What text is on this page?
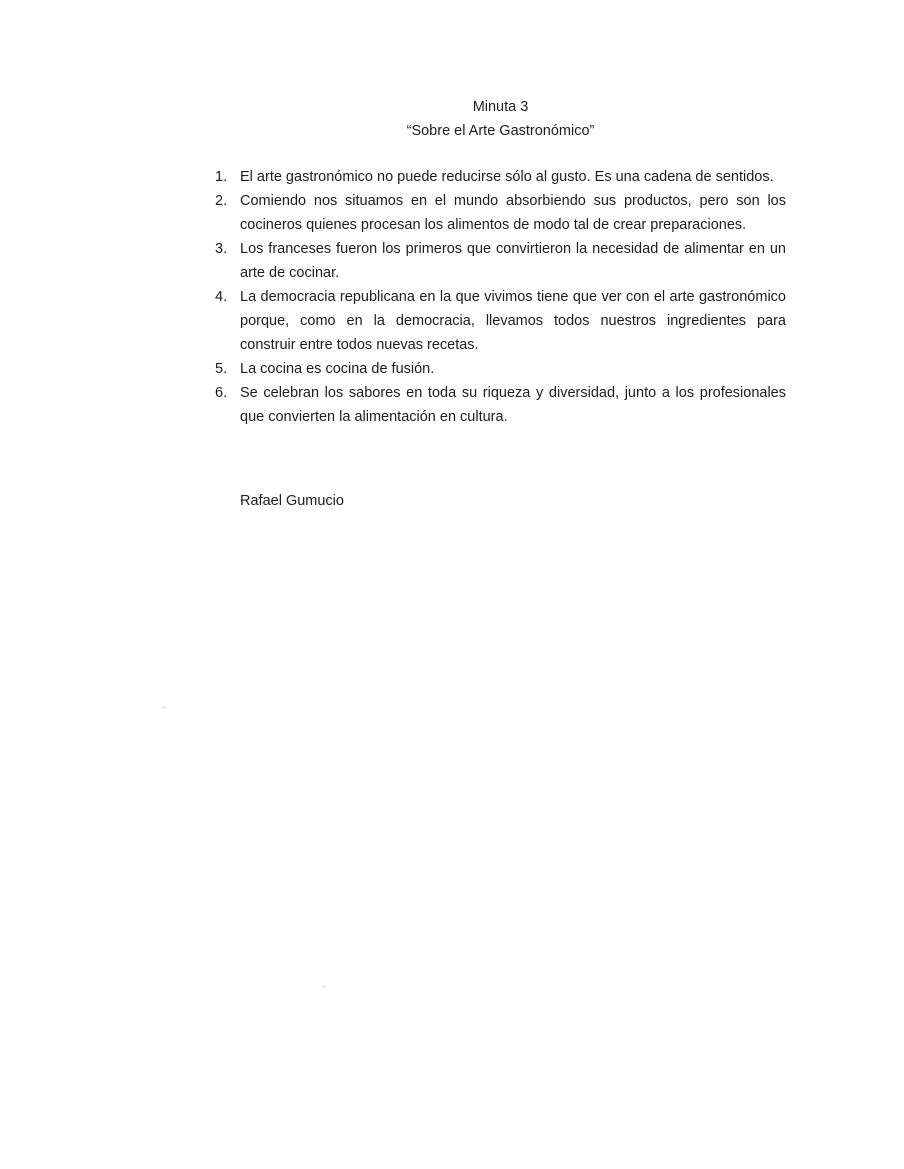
Minuta 3
“Sobre el Arte Gastronómico”
1. El arte gastronómico no puede reducirse sólo al gusto. Es una cadena de sentidos.
2. Comiendo nos situamos en el mundo absorbiendo sus productos, pero son los
cocineros quienes procesan los alimentos de modo tal de crear preparaciones.
3. Los franceses fueron los primeros que convirtieron la necesidad de alimentar en un
arte de cocinar.
4. La democracia republicana en la que vivimos tiene que ver con el arte gastronómico
porque, como en la democracia, llevamos todos nuestros ingredientes para
construir entre todos nuevas recetas.
5. La cocina es cocina de fusión.
6. Se celebran los sabores en toda su riqueza y diversidad, junto a los profesionales
que convierten la alimentación en cultura.
Rafael Gumucio
